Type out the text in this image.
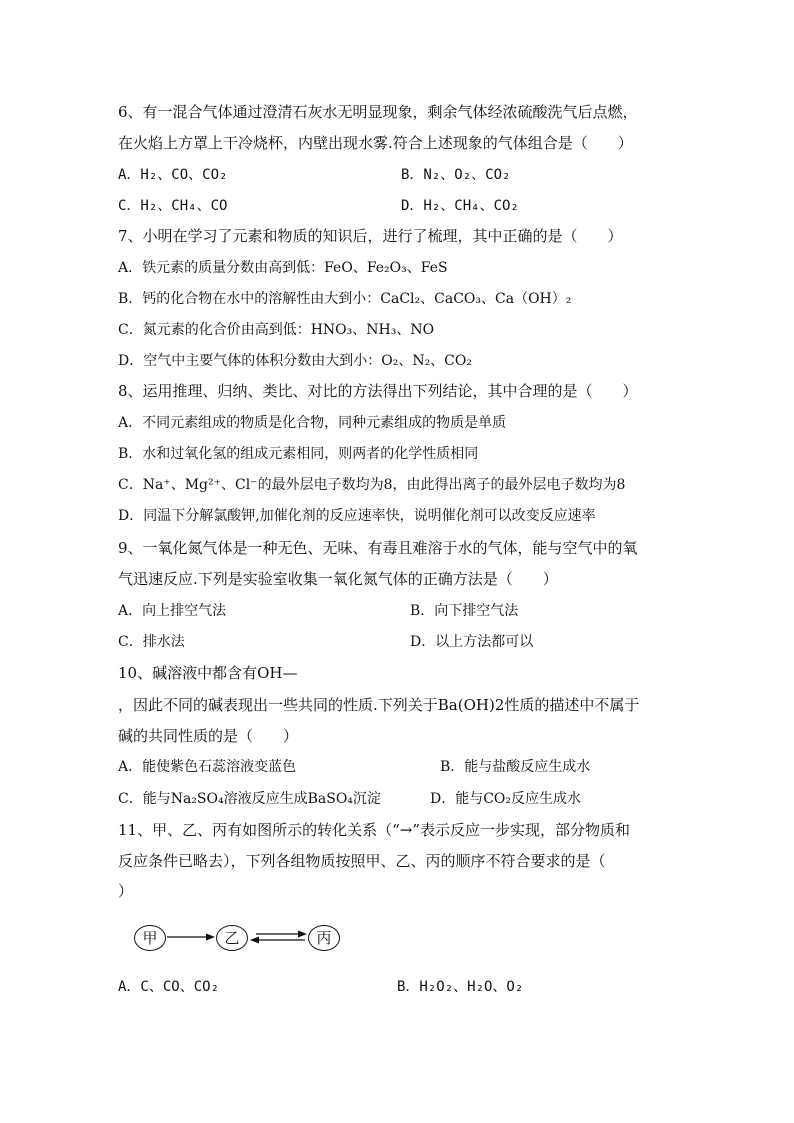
6、有一混合气体通过澄清石灰水无明显现象，剩余气体经浓硫酸洗气后点燃，
在火焰上方罩上干冷烧杯，内壁出现水雾.符合上述现象的气体组合是（　　）
A．H₂、CO、CO₂	B．N₂、O₂、CO₂
C．H₂、CH₄、CO	D．H₂、CH₄、CO₂
7、小明在学习了元素和物质的知识后，进行了梳理，其中正确的是（　　）
A．铁元素的质量分数由高到低：FeO、Fe₂O₃、FeS
B．钙的化合物在水中的溶解性由大到小：CaCl₂、CaCO₃、Ca（OH）₂
C．氮元素的化合价由高到低：HNO₃、NH₃、NO
D．空气中主要气体的体积分数由大到小：O₂、N₂、CO₂
8、运用推理、归纳、类比、对比的方法得出下列结论，其中合理的是（　　）
A．不同元素组成的物质是化合物，同种元素组成的物质是单质
B．水和过氧化氢的组成元素相同，则两者的化学性质相同
C．Na⁺、Mg²⁺、Cl⁻的最外层电子数均为8，由此得出离子的最外层电子数均为8
D．同温下分解氯酸钾,加催化剂的反应速率快，说明催化剂可以改变反应速率
9、一氧化氮气体是一种无色、无味、有毒且难溶于水的气体，能与空气中的氧
气迅速反应.下列是实验室收集一氧化氮气体的正确方法是（　　）
A．向上排空气法	B．向下排空气法
C．排水法	D．以上方法都可以
10、碱溶液中都含有OH—
，因此不同的碱表现出一些共同的性质.下列关于Ba(OH)2性质的描述中不属于
碱的共同性质的是（　　）
A．能使紫色石蕊溶液变蓝色	B．能与盐酸反应生成水
C．能与Na₂SO₄溶液反应生成BaSO₄沉淀	D．能与CO₂反应生成水
11、甲、乙、丙有如图所示的转化关系（“→”表示反应一步实现，部分物质和
反应条件已略去），下列各组物质按照甲、乙、丙的顺序不符合要求的是（
）
甲	乙	丙
A．C、CO、CO₂	B．H₂O₂、H₂O、O₂
